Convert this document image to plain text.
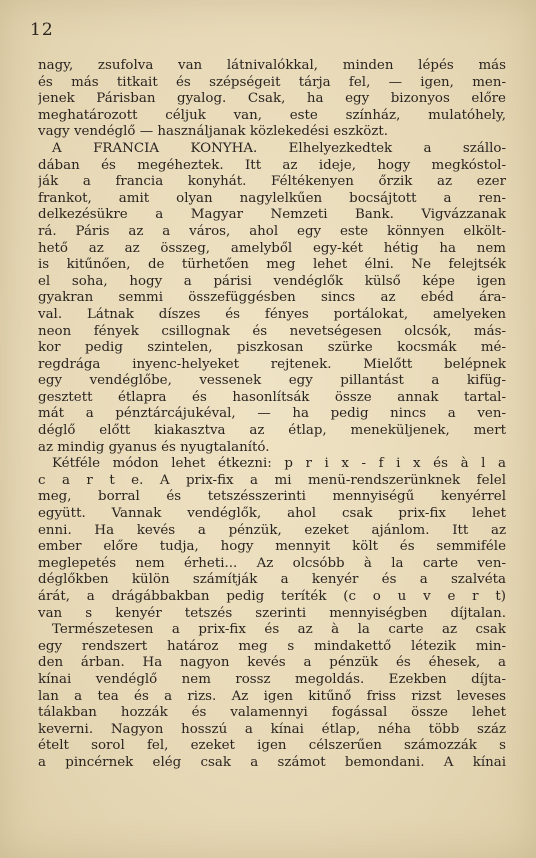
12
nagy, zsufolva van látnivalókkal, minden lépés más
és más titkait és szépségeit tárja fel, — igen, men-
jenek Párisban gyalog. Csak, ha egy bizonyos előre
meghatározott céljuk van, este színház, mulatóhely,
vagy vendéglő — használjanak közlekedési eszközt.
A FRANCIA KONYHA. Elhelyezkedtek a szállo-
dában és megéheztek. Itt az ideje, hogy megkóstol-
ják a francia konyhát. Féltékenyen őrzik az ezer
frankot, amit olyan nagylelkűen bocsájtott a ren-
delkezésükre a Magyar Nemzeti Bank. Vigvázzanak
rá. Páris az a város, ahol egy este könnyen elkölt-
hető az az összeg, amelyből egy-két hétig ha nem
is kitűnően, de türhetően meg lehet élni. Ne felejtsék
el soha, hogy a párisi vendéglők külső képe igen
gyakran semmi összefüggésben sincs az ebéd ára-
val. Látnak díszes és fényes portálokat, amelyeken
neon fények csillognak és nevetségesen olcsók, más-
kor pedig szintelen, piszkosan szürke kocsmák mé-
regdrága inyenc-helyeket rejtenek. Mielőtt belépnek
egy vendéglőbe, vessenek egy pillantást a kifüg-
gesztett étlapra és hasonlítsák össze annak tartal-
mát a pénztárcájukéval, — ha pedig nincs a ven-
déglő előtt kiakasztva az étlap, meneküljenek, mert
az mindig gyanus és nyugtalanító.
Kétféle módon lehet étkezni: p r i x - f i x és à l a
c a r t e. A prix-fix a mi menü-rendszerünknek felel
meg, borral és tetszésszerinti mennyiségű kenyérrel
együtt. Vannak vendéglők, ahol csak prix-fix lehet
enni. Ha kevés a pénzük, ezeket ajánlom. Itt az
ember előre tudja, hogy mennyit költ és semmiféle
meglepetés nem érheti... Az olcsóbb à la carte ven-
déglőkben külön számítják a kenyér és a szalvéta
árát, a drágábbakban pedig teríték (c o u v e r t)
van s kenyér tetszés szerinti mennyiségben díjtalan.
Természetesen a prix-fix és az à la carte az csak
egy rendszert határoz meg s mindakettő létezik min-
den árban. Ha nagyon kevés a pénzük és éhesek, a
kínai vendéglő nem rossz megoldás. Ezekben díjta-
lan a tea és a rizs. Az igen kitűnő friss rizst leveses
tálakban hozzák és valamennyi fogással össze lehet
keverni. Nagyon hosszú a kínai étlap, néha több száz
ételt sorol fel, ezeket igen célszerűen számozzák s
a pincérnek elég csak a számot bemondani. A kínai
